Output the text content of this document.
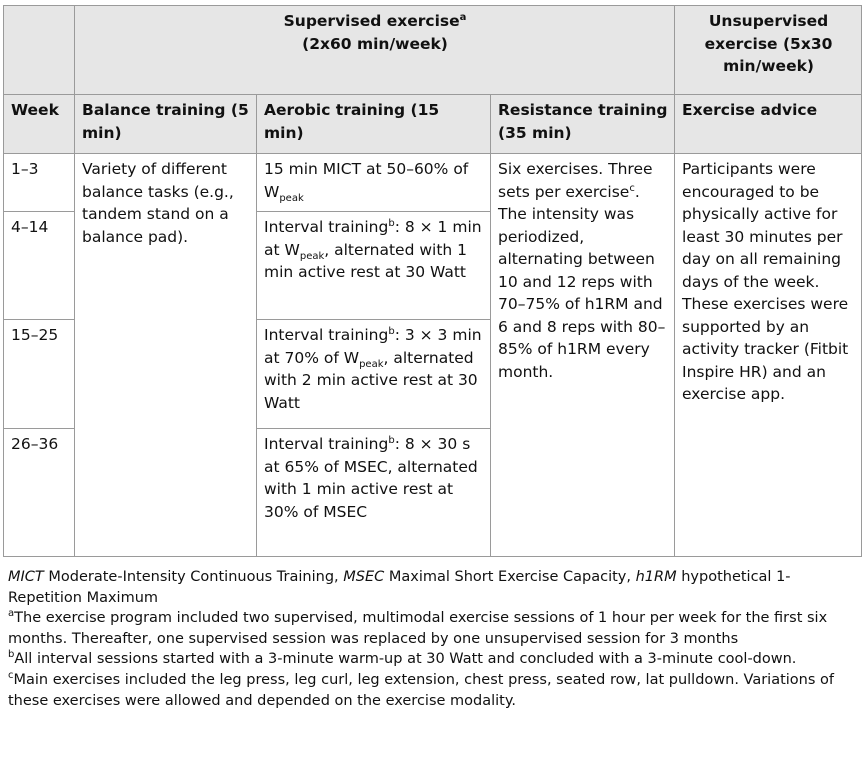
	Supervised exercise$^a$
(2x60 min/week)			Unsupervised
exercise (5x30
min/week)
Week	Balance training (5 min)	Aerobic training (15 min)	Resistance training (35 min)	Exercise advice
1–3	Variety of different balance tasks (e.g., tandem stand on a balance pad).	15 min MICT at 50–60% of $W_{peak}$	Six exercises. Three sets per exercise$^c$. The intensity was periodized, alternating between 10 and 12 reps with 70–75% of h1RM and 6 and 8 reps with 80–85% of h1RM every month.	Participants were encouraged to be physically active for least 30 minutes per day on all remaining days of the week. These exercises were supported by an activity tracker (Fitbit Inspire HR) and an exercise app.
4–14		Interval training$^b$: 8 × 1 min at $W_{peak}$, alternated with 1 min active rest at 30 Watt		
15–25		Interval training$^b$: 3 × 3 min at 70% of $W_{peak}$, alternated with 2 min active rest at 30 Watt		
26–36		Interval training$^b$: 8 × 30 s at 65% of MSEC, alternated with 1 min active rest at 30% of MSEC		

MICT Moderate-Intensity Continuous Training, MSEC Maximal Short Exercise Capacity, h1RM hypothetical 1- Repetition Maximum

$^a$The exercise program included two supervised, multimodal exercise sessions of 1 hour per week for the first six months. Thereafter, one supervised session was replaced by one unsupervised session for 3 months

$^b$All interval sessions started with a 3-minute warm-up at 30 Watt and concluded with a 3-minute cool-down.

$^c$Main exercises included the leg press, leg curl, leg extension, chest press, seated row, lat pulldown. Variations of these exercises were allowed and depended on the exercise modality.
